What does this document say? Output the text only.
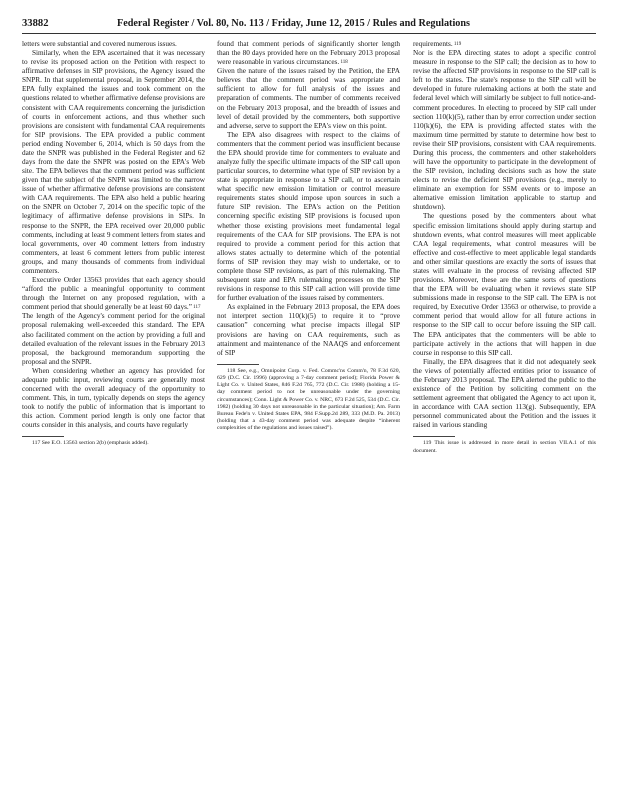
33882	Federal Register / Vol. 80, No. 113 / Friday, June 12, 2015 / Rules and Regulations

letters were substantial and covered numerous issues.

Similarly, when the EPA ascertained that it was necessary to revise its proposed action on the Petition with respect to affirmative defenses in SIP provisions, the Agency issued the SNPR. In that supplemental proposal, in September 2014, the EPA fully explained the issues and took comment on the questions related to whether affirmative defense provisions are consistent with CAA requirements concerning the jurisdiction of courts in enforcement actions, and thus whether such provisions are consistent with fundamental CAA requirements for SIP provisions. The EPA provided a public comment period ending November 6, 2014, which is 50 days from the date the SNPR was published in the Federal Register and 62 days from the date the SNPR was posted on the EPA's Web site. The EPA believes that the comment period was sufficient given that the subject of the SNPR was limited to the narrow issue of whether affirmative defense provisions are consistent with CAA requirements. The EPA also held a public hearing on the SNPR on October 7, 2014 on the specific topic of the legitimacy of affirmative defense provisions in SIPs. In response to the SNPR, the EPA received over 20,000 public comments, including at least 9 comment letters from states and local governments, over 40 comment letters from industry commenters, at least 6 comment letters from public interest groups, and many thousands of comments from individual commenters.

Executive Order 13563 provides that each agency should “afford the public a meaningful opportunity to comment through the Internet on any proposed regulation, with a comment period that should generally be at least 60 days.” $^{117}$

The length of the Agency's comment period for the original proposal rulemaking well-exceeded this standard. The EPA also facilitated comment on the action by providing a full and detailed evaluation of the relevant issues in the February 2013 proposal, the background memorandum supporting the proposal and the SNPR.

When considering whether an agency has provided for adequate public input, reviewing courts are generally most concerned with the overall adequacy of the opportunity to comment. This, in turn, typically depends on steps the agency took to notify the public of information that is important to this action. Comment period length is only one factor that courts consider in this analysis, and courts have regularly

117 See E.O. 13563 section 2(b) (emphasis added).

found that comment periods of significantly shorter length than the 80 days provided here on the February 2013 proposal were reasonable in various circumstances. $^{118}$

Given the nature of the issues raised by the Petition, the EPA believes that the comment period was appropriate and sufficient to allow for full analysis of the issues and preparation of comments. The number of comments received on the February 2013 proposal, and the breadth of issues and level of detail provided by the commenters, both supportive and adverse, serve to support the EPA's view on this point.

The EPA also disagrees with respect to the claims of commenters that the comment period was insufficient because the EPA should provide time for commenters to evaluate and analyze fully the specific ultimate impacts of the SIP call upon particular sources, to determine what type of SIP revision by a state is appropriate in response to a SIP call, or to ascertain what specific new emission limitation or control measure requirements states should impose upon sources in such a future SIP revision. The EPA's action on the Petition concerning specific existing SIP provisions is focused upon whether those existing provisions meet fundamental legal requirements of the CAA for SIP provisions. The EPA is not required to provide a comment period for this action that allows states actually to determine which of the potential forms of SIP revision they may wish to undertake, or to complete those SIP revisions, as part of this rulemaking. The subsequent state and EPA rulemaking processes on the SIP revisions in response to this SIP call action will provide time for further evaluation of the issues raised by commenters.

As explained in the February 2013 proposal, the EPA does not interpret section 110(k)(5) to require it to “prove causation” concerning what precise impacts illegal SIP provisions are having on CAA requirements, such as attainment and maintenance of the NAAQS and enforcement of SIP

118 See, e.g., Omnipoint Corp. v. Fed. Commc'ns Comm'n, 78 F.3d 620, 629 (D.C. Cir. 1996) (approving a 7-day comment period); Florida Power & Light Co. v. United States, 846 F.2d 765, 772 (D.C. Cir. 1988) (holding a 15-day comment period to not be unreasonable under the governing circumstances); Conn. Light & Power Co. v. NRC, 673 F.2d 525, 534 (D.C. Cir. 1982) (holding 30 days not unreasonable in the particular situation); Am. Farm Bureau Fede'n v. United States EPA, 984 F.Supp.2d 289, 333 (M.D. Pa. 2013) (holding that a 43-day comment period was adequate despite “inherent complexities of the regulations and issues raised”).

requirements. $^{119}$

Nor is the EPA directing states to adopt a specific control measure in response to the SIP call; the decision as to how to revise the affected SIP provisions in response to the SIP call is left to the states. The state's response to the SIP call will be developed in future rulemaking actions at both the state and federal level which will similarly be subject to full notice-and-comment procedures. In electing to proceed by SIP call under section 110(k)(5), rather than by error correction under section 110(k)(6), the EPA is providing affected states with the maximum time permitted by statute to determine how best to revise their SIP provisions, consistent with CAA requirements. During this process, the commenters and other stakeholders will have the opportunity to participate in the development of the SIP revision, including decisions such as how the state elects to revise the deficient SIP provisions (e.g., merely to eliminate an exemption for SSM events or to impose an alternative emission limitation applicable to startup and shutdown).

The questions posed by the commenters about what specific emission limitations should apply during startup and shutdown events, what control measures will meet applicable CAA legal requirements, what control measures will be effective and cost-effective to meet applicable legal standards and other similar questions are exactly the sorts of issues that states will evaluate in the process of revising affected SIP provisions. Moreover, these are the same sorts of questions that the EPA will be evaluating when it reviews state SIP submissions made in response to the SIP call. The EPA is not required, by Executive Order 13563 or otherwise, to provide a comment period that would allow for all future actions in response to the SIP call to occur before issuing the SIP call. The EPA anticipates that the commenters will be able to participate actively in the actions that will happen in due course in response to this SIP call.

Finally, the EPA disagrees that it did not adequately seek the views of potentially affected entities prior to issuance of the February 2013 proposal. The EPA alerted the public to the existence of the Petition by soliciting comment on the settlement agreement that obligated the Agency to act upon it, in accordance with CAA section 113(g). Subsequently, EPA personnel communicated about the Petition and the issues it raised in various standing

119 This issue is addressed in more detail in section VII.A.1 of this document.
